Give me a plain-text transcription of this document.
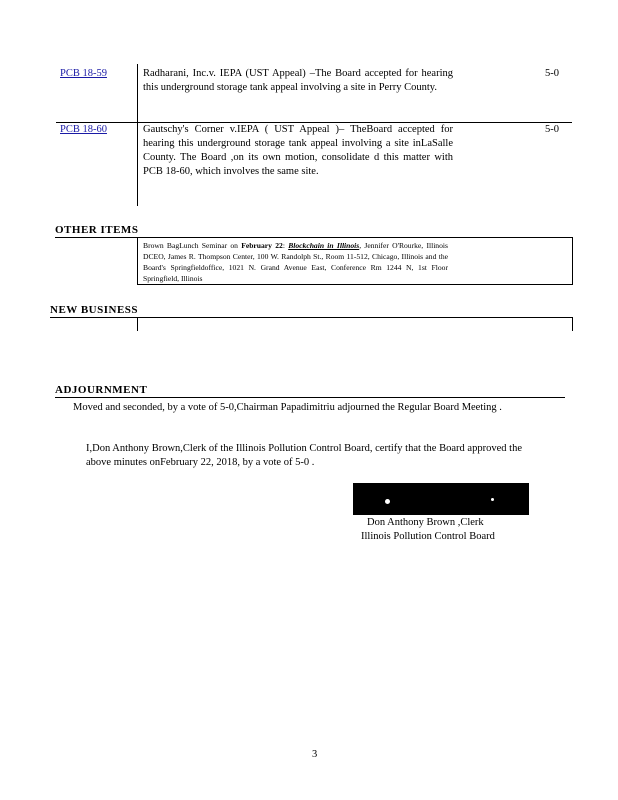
PCB 18-59	Radharani, Inc.v. IEPA (UST Appeal) –The Board accepted for hearing this underground storage tank appeal involving a site in Perry County.
5-0
PCB 18-60	Gautschy's Corner v.IEPA ( UST Appeal )– TheBoard accepted for hearing this underground storage tank appeal involving a site inLaSalle County. The Board ,on its own motion, consolidate d this matter with PCB 18-60, which involves the same site.
5-0
OTHER ITEMS
Brown BagLunch Seminar on February 22: Blockchain in Illinois, Jennifer O'Rourke, Illinois DCEO, James R. Thompson Center, 100 W. Randolph St., Room 11-512, Chicago, Illinois and the Board's Springfieldoffice, 1021 N. Grand Avenue East, Conference Rm 1244 N, 1st Floor Springfield, Illinois
NEW BUSINESS
ADJOURNMENT
Moved and seconded, by a vote of 5-0,Chairman Papadimitriu adjourned the Regular Board Meeting .
I,Don Anthony Brown,Clerk of the Illinois Pollution Control Board, certify that the Board approved the above minutes onFebruary 22, 2018, by a vote of 5-0 .
Don Anthony Brown ,Clerk
Illinois Pollution Control Board
3
